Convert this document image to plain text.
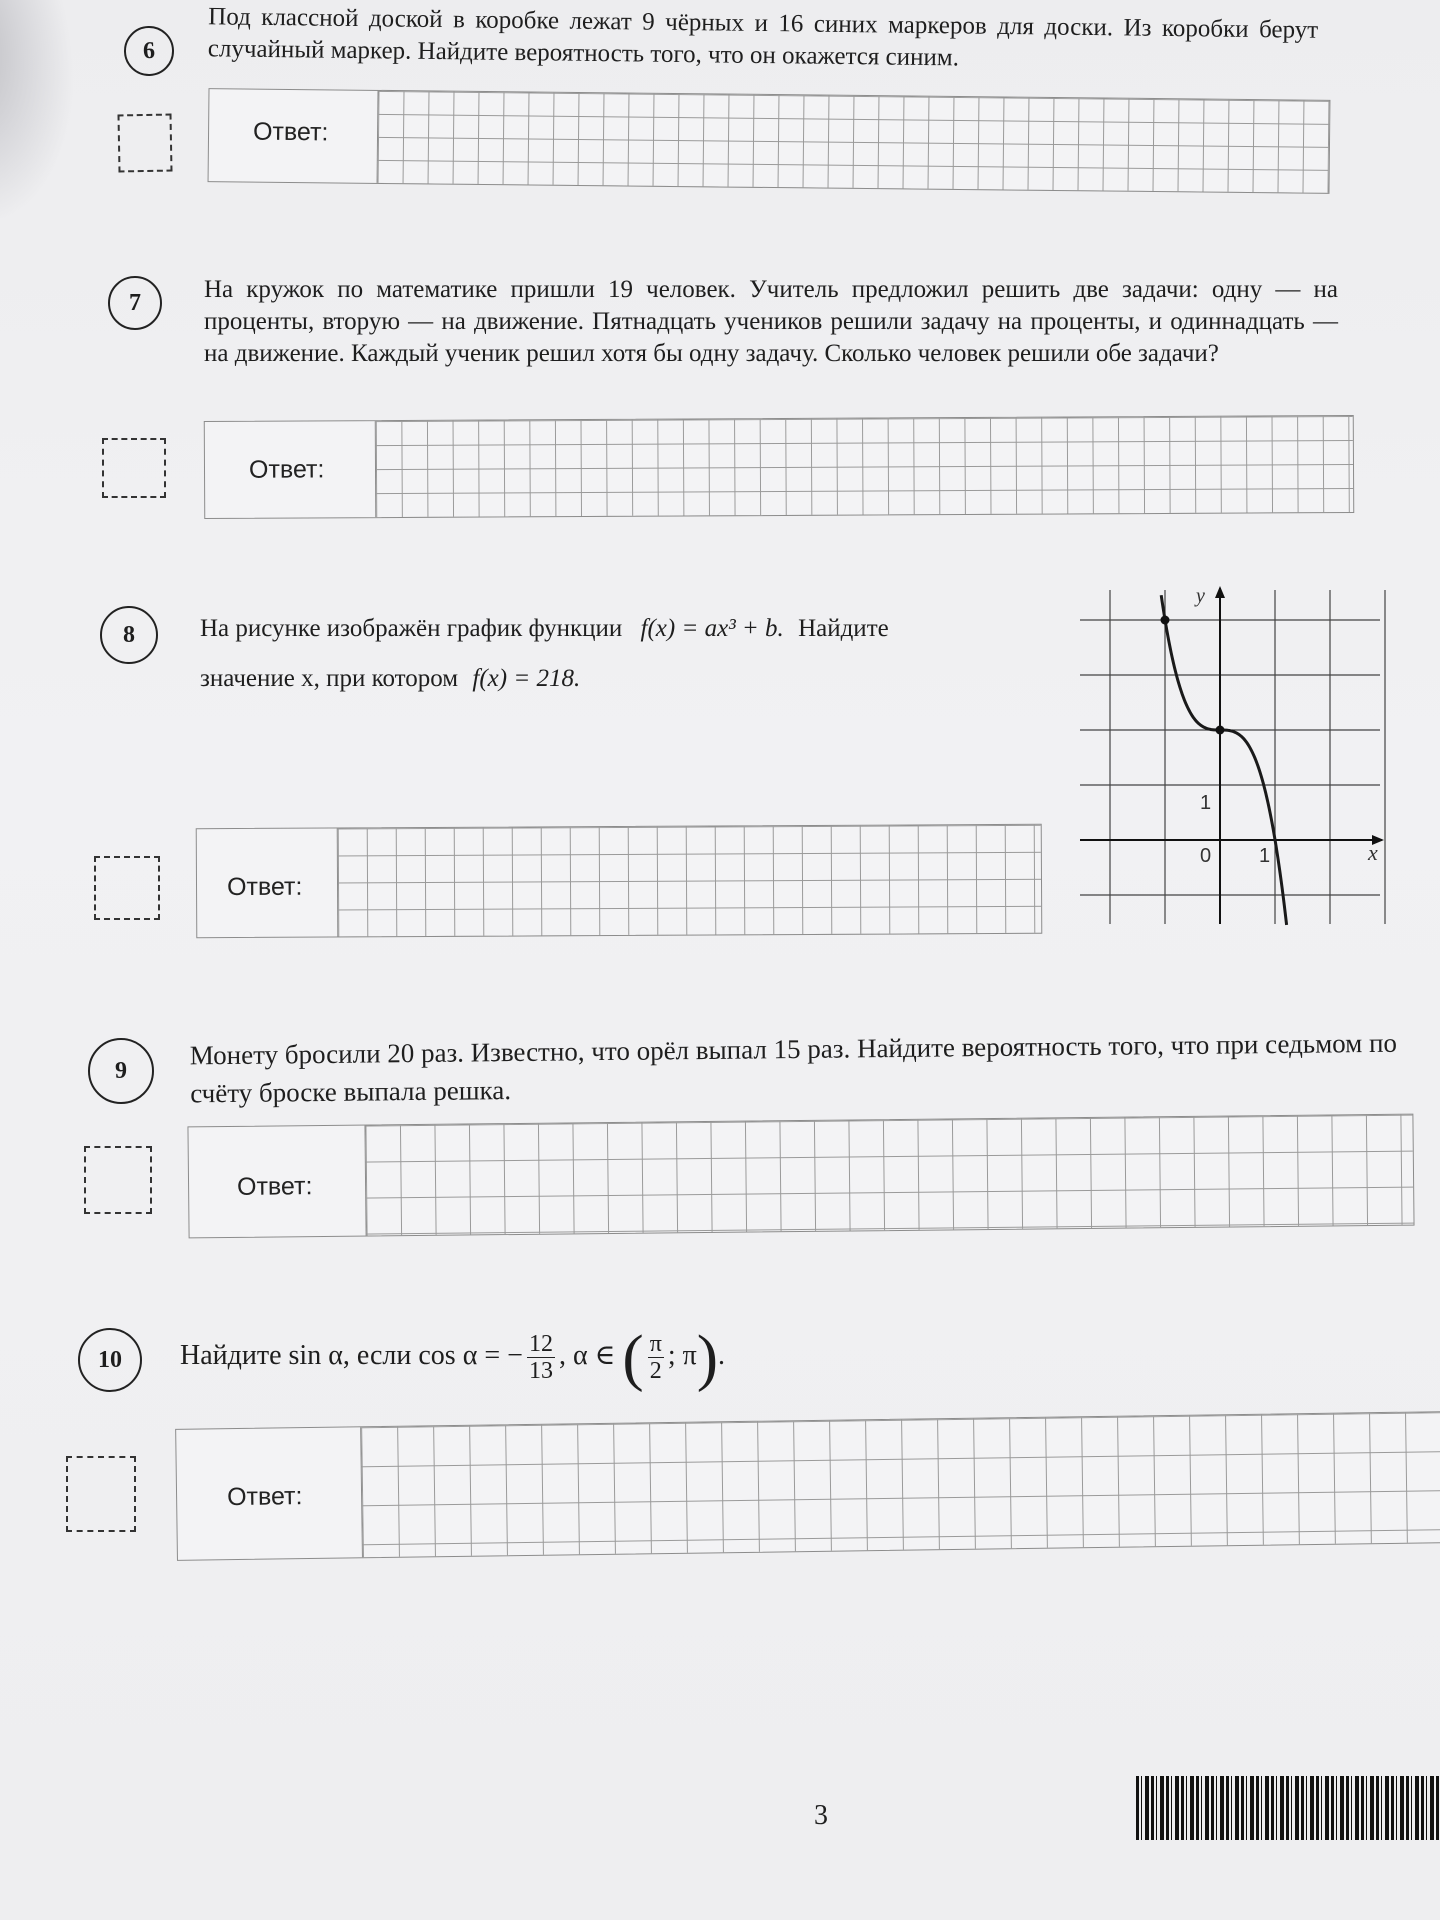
6
Под классной доской в коробке лежат 9 чёрных и 16 синих маркеров для доски. Из коробки берут случайный маркер. Найдите вероятность того, что он окажется синим.
Ответ:
7	На кружок по математике пришли 19 человек. Учитель предложил решить две задачи: одну — на проценты, вторую — на движение. Пятнадцать учеников решили задачу на проценты, и одиннадцать — на движение. Каждый ученик решил хотя бы одну задачу. Сколько человек решили обе задачи?
Ответ:
8	На рисунке изображён график функции f(x) = ax³ + b. Найдите
значение x, при котором f(x) = 218.
y
x
0 1
1
Ответ:
9
Монету бросили 20 раз. Известно, что орёл выпал 15 раз. Найдите вероятность того, что при седьмом по счёту броске выпала решка.
Ответ:
10 Найдите sin α, если cos α = − $\frac{12}{13}$ , α ∈ ( $\frac{\pi}{2}$ ; π).
Ответ:
3
